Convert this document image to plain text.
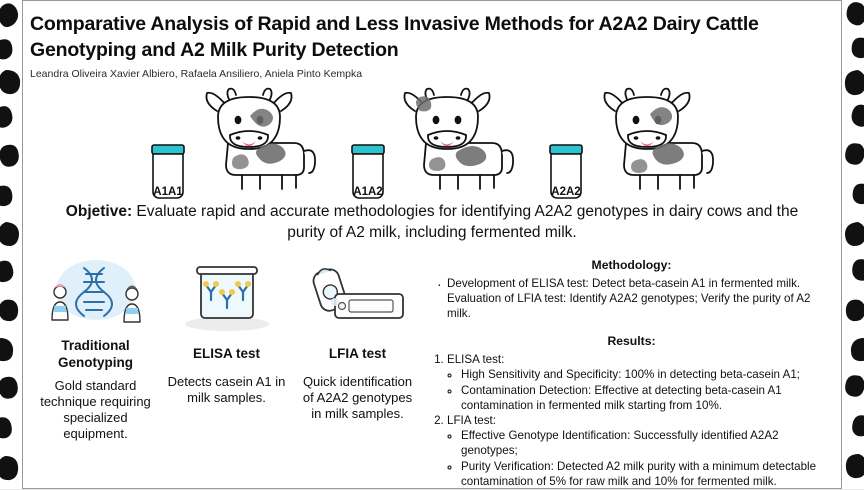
Comparative Analysis of Rapid and Less Invasive Methods for A2A2 Dairy Cattle Genotyping and A2 Milk Purity Detection
Leandra Oliveira Xavier Albiero, Rafaela Ansiliero, Aniela Pinto Kempka
A1A1	A1A2	A2A2
Objetive: Evaluate rapid and accurate methodologies for identifying A2A2 genotypes in dairy cows and the purity of A2 milk, including fermented milk.
Traditional Genotyping
Gold standard technique requiring specialized equipment.
ELISA test
Detects casein A1 in milk samples.
LFIA test
Quick identification of A2A2 genotypes in milk samples.
Methodology:
· Development of ELISA test: Detect beta-casein A1 in fermented milk. Evaluation of LFIA test: Identify A2A2 genotypes; Verify the purity of A2 milk.
Results:
1. ELISA test:
◦ High Sensitivity and Specificity: 100% in detecting beta-casein A1;
◦ Contamination Detection: Effective at detecting beta-casein A1 contamination in fermented milk starting from 10%.
2. LFIA test:
◦ Effective Genotype Identification: Successfully identified A2A2 genotypes;
◦ Purity Verification: Detected A2 milk purity with a minimum detectable contamination of 5% for raw milk and 10% for fermented milk.
